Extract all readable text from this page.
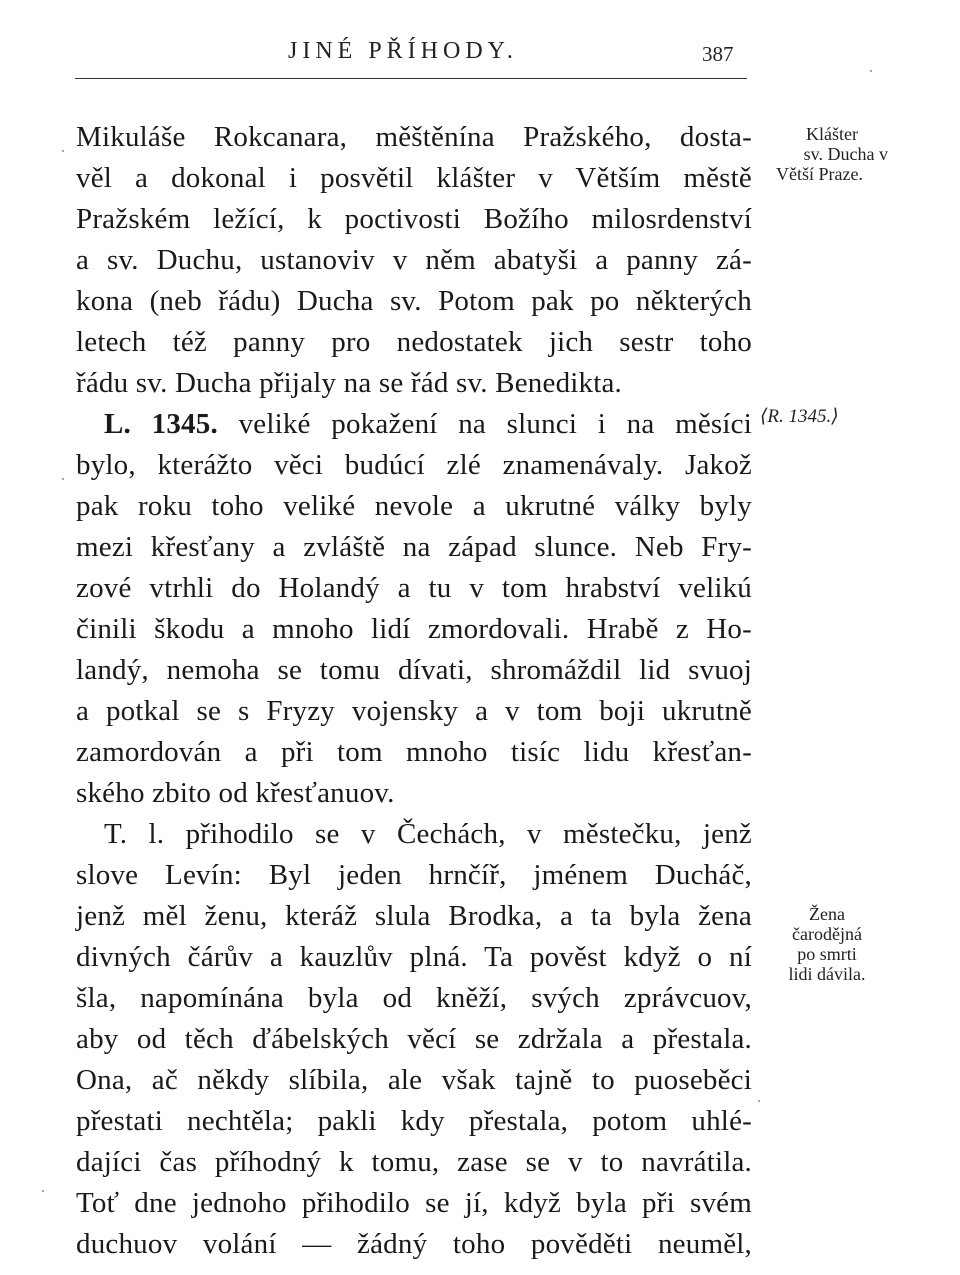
JINÉ PŘÍHODY.	387
Mikuláše Rokcanara, měštěnína Pražského, dosta-
věl a dokonal i posvětil klášter v Větším městě
Pražském ležící, k poctivosti Božího milosrdenství
a sv. Duchu, ustanoviv v něm abatyši a panny zá-
kona (neb řádu) Ducha sv. Potom pak po některých
letech též panny pro nedostatek jich sestr toho
řádu sv. Ducha přijaly na se řád sv. Benedikta.
L. 1345. veliké pokažení na slunci i na měsíci
bylo, kterážto věci budúcí zlé znamenávaly. Jakož
pak roku toho veliké nevole a ukrutné války byly
mezi křesťany a zvláště na západ slunce. Neb Fry-
zové vtrhli do Holandý a tu v tom hrabství velikú
činili škodu a mnoho lidí zmordovali. Hrabě z Ho-
landý, nemoha se tomu dívati, shromáždil lid svuoj
a potkal se s Fryzy vojensky a v tom boji ukrutně
zamordován a při tom mnoho tisíc lidu křesťan-
ského zbito od křesťanuov.
T. l. přihodilo se v Čechách, v městečku, jenž
slove Levín: Byl jeden hrnčíř, jménem Ducháč,
jenž měl ženu, kteráž slula Brodka, a ta byla žena
divných čárův a kauzlův plná. Ta pověst když o ní
šla, napomínána byla od kněží, svých zprávcuov,
aby od těch ďábelských věcí se zdržala a přestala.
Ona, ač někdy slíbila, ale však tajně to puoseběci
přestati nechtěla; pakli kdy přestala, potom uhlé-
dajíci čas příhodný k tomu, zase se v to navrátila.
Toť dne jednoho přihodilo se jí, když byla při svém
duchuov volání — žádný toho pověděti neuměl,
Klášter
sv. Ducha v
Větší Praze.
⟨R. 1345.⟩
Žena
čarodějná
po smrti
lidi dávila.
